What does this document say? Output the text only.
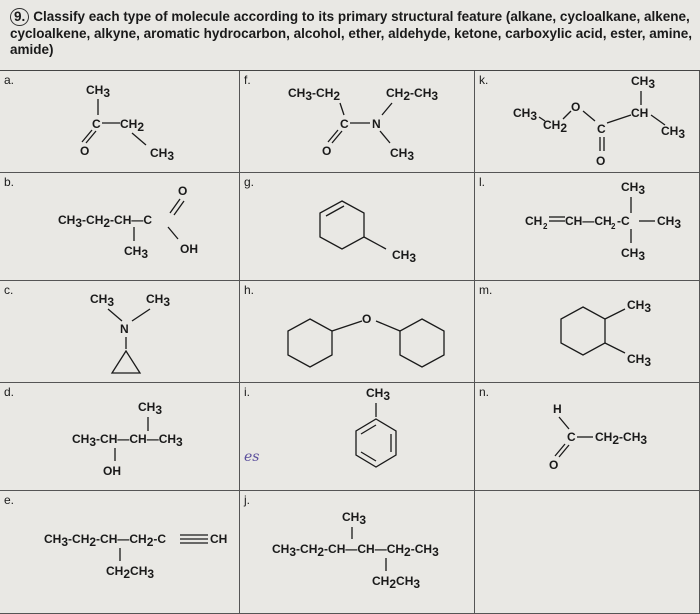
9. Classify each type of molecule according to its primary structural feature (alkane, cycloalkane, alkene, cycloalkene, alkyne, aromatic hydrocarbon, alcohol, ether, aldehyde, ketone, carboxylic acid, ester, amine, amide)
a.
CH3
C CH2
O	CH3
b.
CH3-CH2-CH—C
O
OH
CH3
c.
CH3	CH3
N
d.
CH3
CH3-CH—CH—CH3
OH
e.
CH3-CH2-CH—CH2-C	CH
CH2CH3
f.
CH3-CH2	CH2-CH3
C N
O	CH3
g.
CH3
h.
O
i.
es
CH3
j.
CH3
CH3-CH2-CH—CH—CH2-CH3
CH2CH3
k.	CH3
CH
CH3
CH3
CH2
O
C
O
l.	CH3
CH 2 CH—CH 2 -C CH3
CH3
m.
CH3
CH3
n.
H
C CH2-CH3
O
